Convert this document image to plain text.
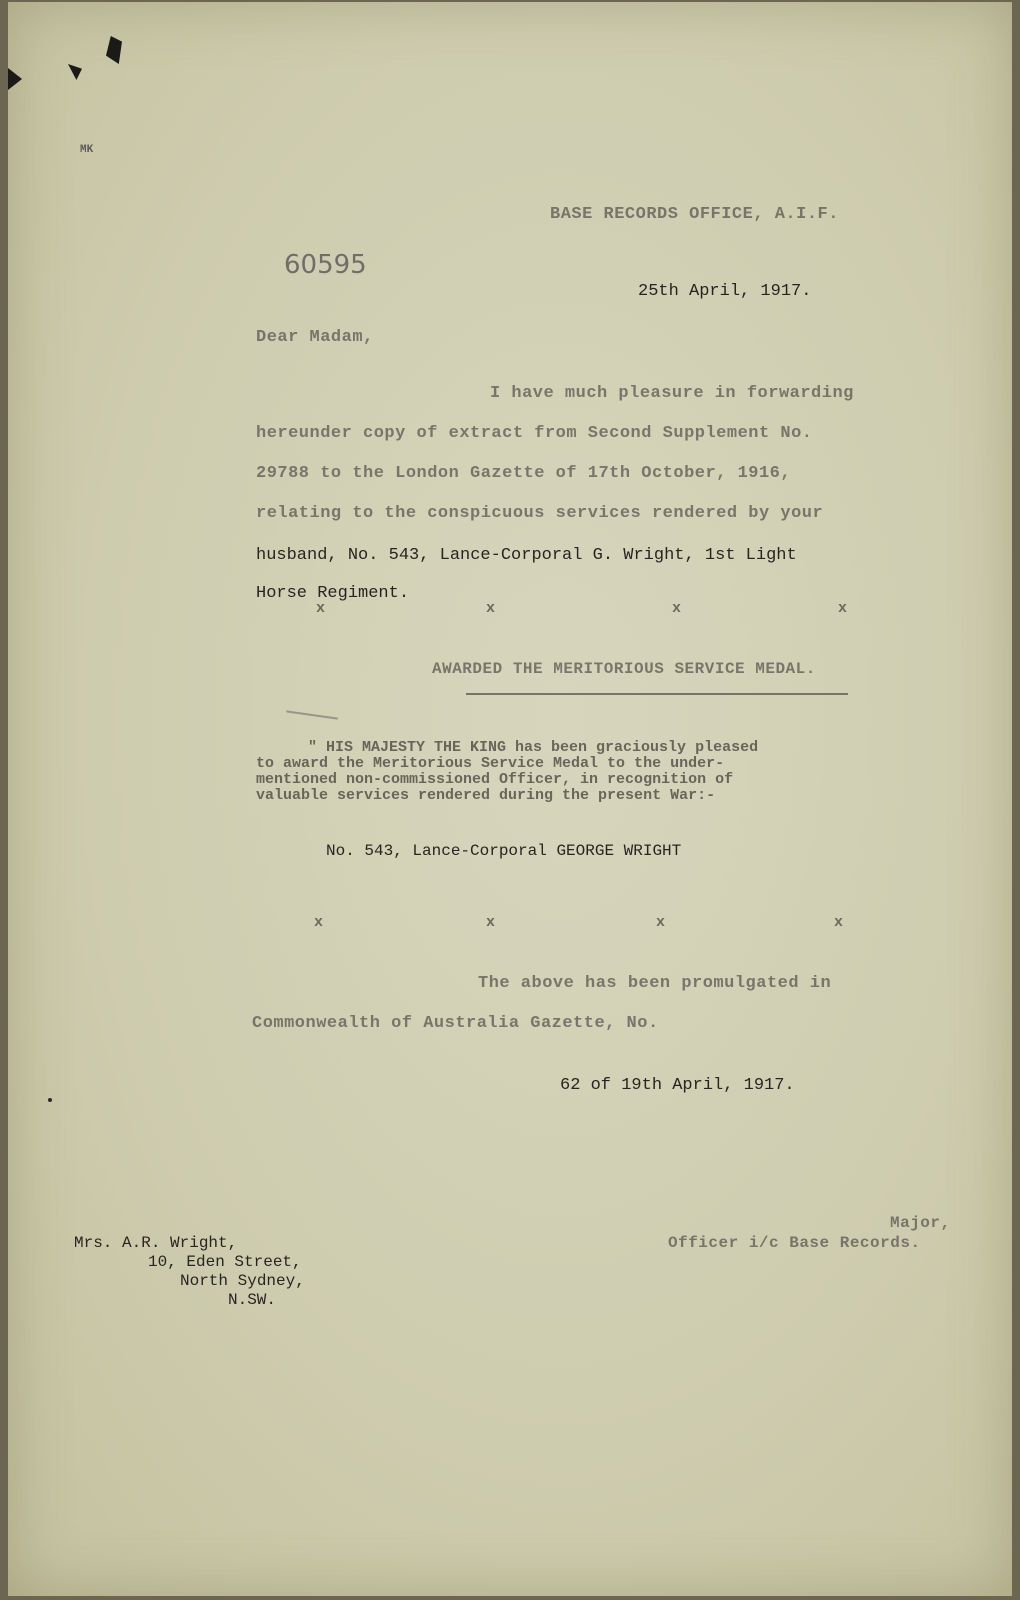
MK
BASE RECORDS OFFICE, A.I.F.
60595
25th April, 1917.
Dear Madam,
I have much pleasure in forwarding
hereunder copy of extract from Second Supplement No.
29788 to the London Gazette of 17th October, 1916,
relating to the conspicuous services rendered by your
husband, No. 543, Lance-Corporal G. Wright, 1st Light
Horse Regiment.
x	x	x	x
AWARDED THE MERITORIOUS SERVICE MEDAL.
" HIS MAJESTY THE KING has been graciously pleased
to award the Meritorious Service Medal to the under-
mentioned non-commissioned Officer, in recognition of
valuable services rendered during the present War:-
No. 543, Lance-Corporal GEORGE WRIGHT
x	x	x	x
The above has been promulgated in
Commonwealth of Australia Gazette, No.
62 of 19th April, 1917.
Mrs. A.R. Wright,
10, Eden Street,
North Sydney,
N.SW.
Major,
Officer i/c Base Records.
